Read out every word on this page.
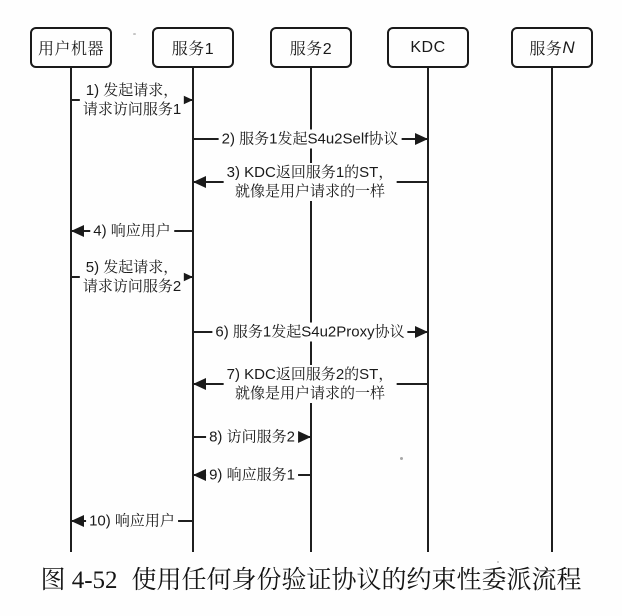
用户机器	服务1	服务2	KDC	服务 N
1) 发起请求，
请求访问服务1
2) 服务1发起S4u2Self协议
3) KDC返回服务1的ST，
就像是用户请求的一样
4) 响应用户
5) 发起请求，
请求访问服务2
6) 服务1发起S4u2Proxy协议
7) KDC返回服务2的ST，
就像是用户请求的一样
8) 访问服务2
9) 响应服务1
10) 响应用户
图 4-52 使用任何身份验证协议的约束性委派流程
